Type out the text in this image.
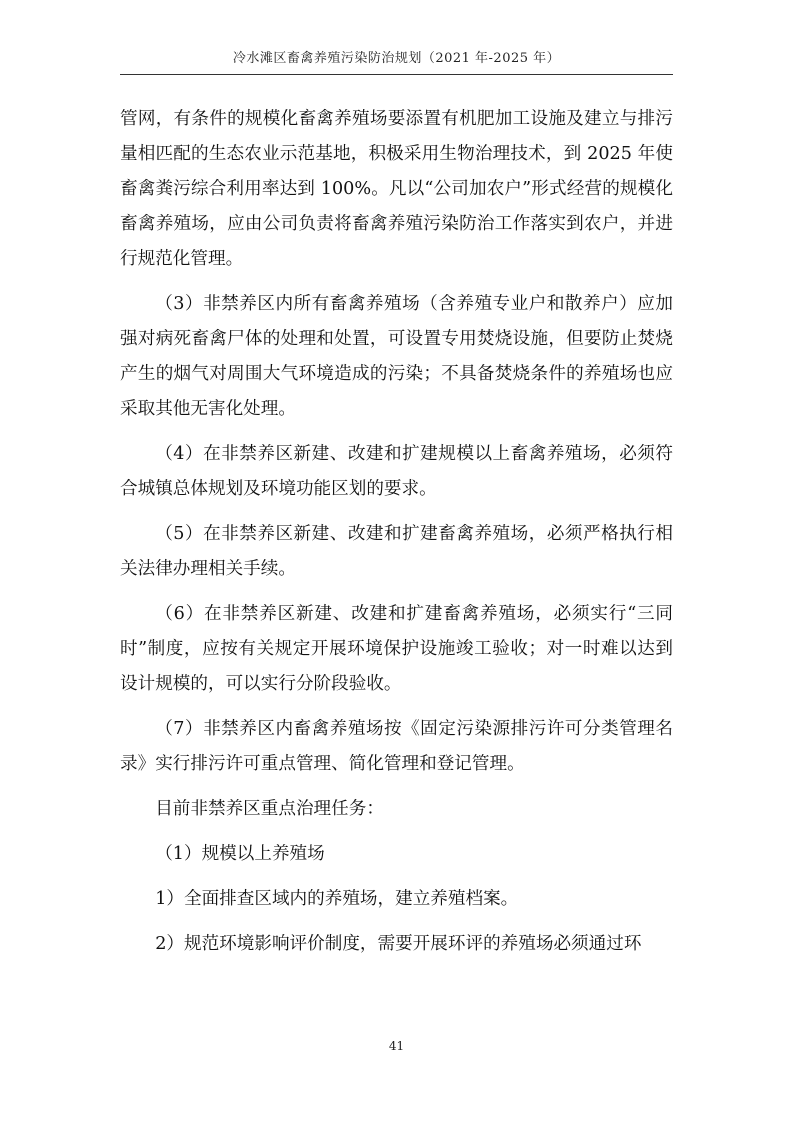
冷水滩区畜禽养殖污染防治规划（2021 年-2025 年）

管网，有条件的规模化畜禽养殖场要添置有机肥加工设施及建立与排污量相匹配的生态农业示范基地，积极采用生物治理技术，到 2025 年使畜禽粪污综合利用率达到 100%。凡以“公司加农户”形式经营的规模化畜禽养殖场，应由公司负责将畜禽养殖污染防治工作落实到农户，并进行规范化管理。

（3）非禁养区内所有畜禽养殖场（含养殖专业户和散养户）应加强对病死畜禽尸体的处理和处置，可设置专用焚烧设施，但要防止焚烧产生的烟气对周围大气环境造成的污染；不具备焚烧条件的养殖场也应采取其他无害化处理。

（4）在非禁养区新建、改建和扩建规模以上畜禽养殖场，必须符合城镇总体规划及环境功能区划的要求。

（5）在非禁养区新建、改建和扩建畜禽养殖场，必须严格执行相关法律办理相关手续。

（6）在非禁养区新建、改建和扩建畜禽养殖场，必须实行“三同时”制度，应按有关规定开展环境保护设施竣工验收；对一时难以达到设计规模的，可以实行分阶段验收。

（7）非禁养区内畜禽养殖场按《固定污染源排污许可分类管理名录》实行排污许可重点管理、简化管理和登记管理。

目前非禁养区重点治理任务：

（1）规模以上养殖场

1）全面排查区域内的养殖场，建立养殖档案。

2）规范环境影响评价制度，需要开展环评的养殖场必须通过环

41
